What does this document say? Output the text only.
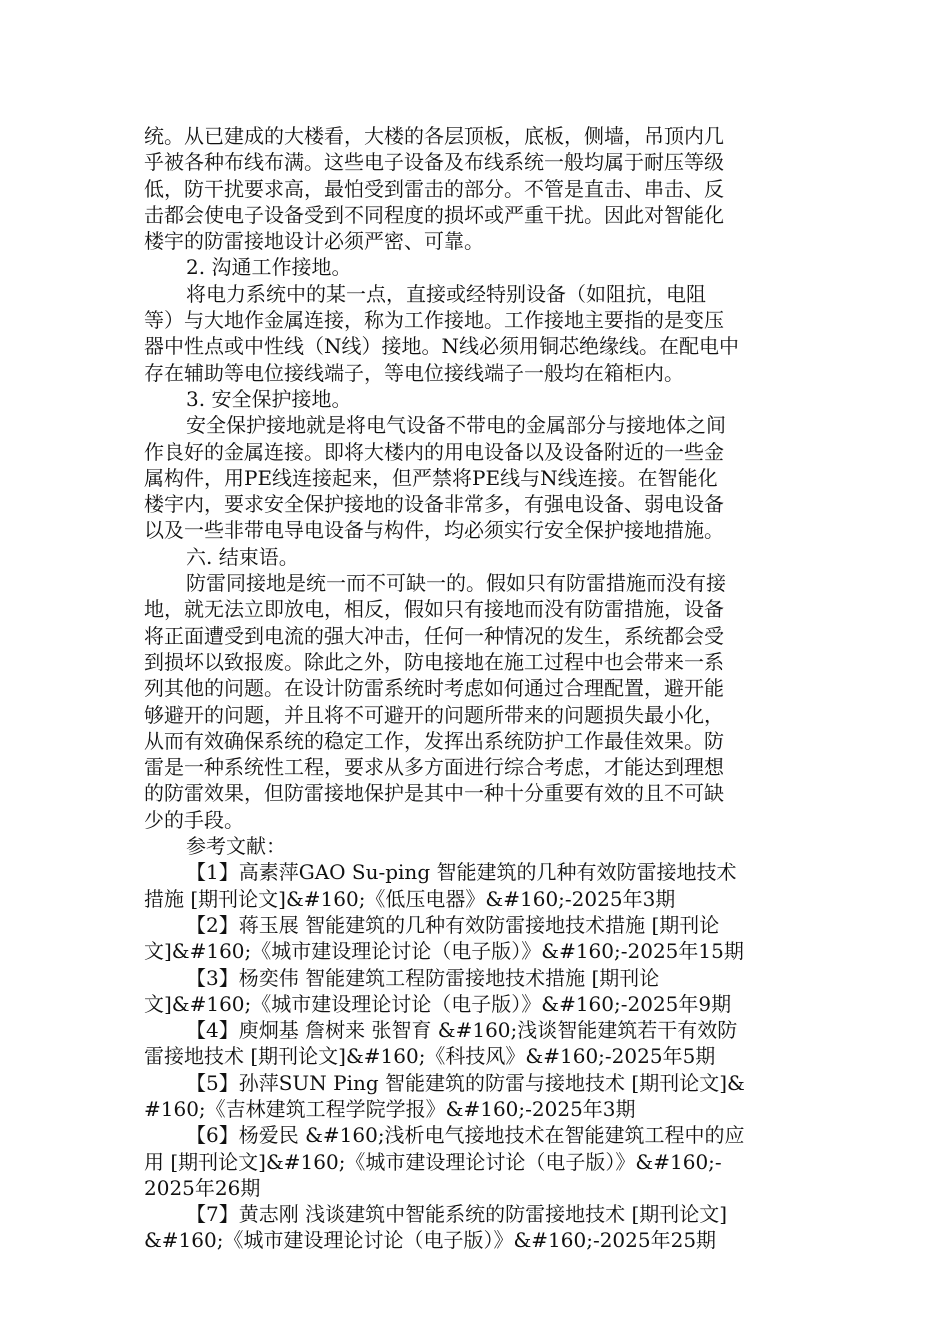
统。从已建成的大楼看，大楼的各层顶板，底板，侧墙，吊顶内几
乎被各种布线布满。这些电子设备及布线系统一般均属于耐压等级
低，防干扰要求高，最怕受到雷击的部分。不管是直击、串击、反
击都会使电子设备受到不同程度的损坏或严重干扰。因此对智能化
楼宇的防雷接地设计必须严密、可靠。
2. 沟通工作接地。
将电力系统中的某一点，直接或经特别设备（如阻抗，电阻
等）与大地作金属连接，称为工作接地。工作接地主要指的是变压
器中性点或中性线（N线）接地。N线必须用铜芯绝缘线。在配电中
存在辅助等电位接线端子，等电位接线端子一般均在箱柜内。
3. 安全保护接地。
安全保护接地就是将电气设备不带电的金属部分与接地体之间
作良好的金属连接。即将大楼内的用电设备以及设备附近的一些金
属构件，用PE线连接起来，但严禁将PE线与N线连接。在智能化
楼宇内，要求安全保护接地的设备非常多，有强电设备、弱电设备
以及一些非带电导电设备与构件，均必须实行安全保护接地措施。
六. 结束语。
防雷同接地是统一而不可缺一的。假如只有防雷措施而没有接
地，就无法立即放电，相反，假如只有接地而没有防雷措施，设备
将正面遭受到电流的强大冲击，任何一种情况的发生，系统都会受
到损坏以致报废。除此之外，防电接地在施工过程中也会带来一系
列其他的问题。在设计防雷系统时考虑如何通过合理配置，避开能
够避开的问题，并且将不可避开的问题所带来的问题损失最小化，
从而有效确保系统的稳定工作，发挥出系统防护工作最佳效果。防
雷是一种系统性工程，要求从多方面进行综合考虑，才能达到理想
的防雷效果，但防雷接地保护是其中一种十分重要有效的且不可缺
少的手段。
参考文献：
【1】高素萍GAO Su-ping 智能建筑的几种有效防雷接地技术
措施 [期刊论文]&#160;《低压电器》&#160;-2025年3期
【2】蒋玉展 智能建筑的几种有效防雷接地技术措施 [期刊论
文]&#160;《城市建设理论讨论（电子版）》&#160;-2025年15期
【3】杨奕伟 智能建筑工程防雷接地技术措施 [期刊论
文]&#160;《城市建设理论讨论（电子版）》&#160;-2025年9期
【4】庾炯基 詹树来 张智育 &#160;浅谈智能建筑若干有效防
雷接地技术 [期刊论文]&#160;《科技风》&#160;-2025年5期
【5】孙萍SUN Ping 智能建筑的防雷与接地技术 [期刊论文]&
#160;《吉林建筑工程学院学报》&#160;-2025年3期
【6】杨爱民 &#160;浅析电气接地技术在智能建筑工程中的应
用 [期刊论文]&#160;《城市建设理论讨论（电子版）》&#160;-
2025年26期
【7】黄志刚 浅谈建筑中智能系统的防雷接地技术 [期刊论文]
&#160;《城市建设理论讨论（电子版）》&#160;-2025年25期
